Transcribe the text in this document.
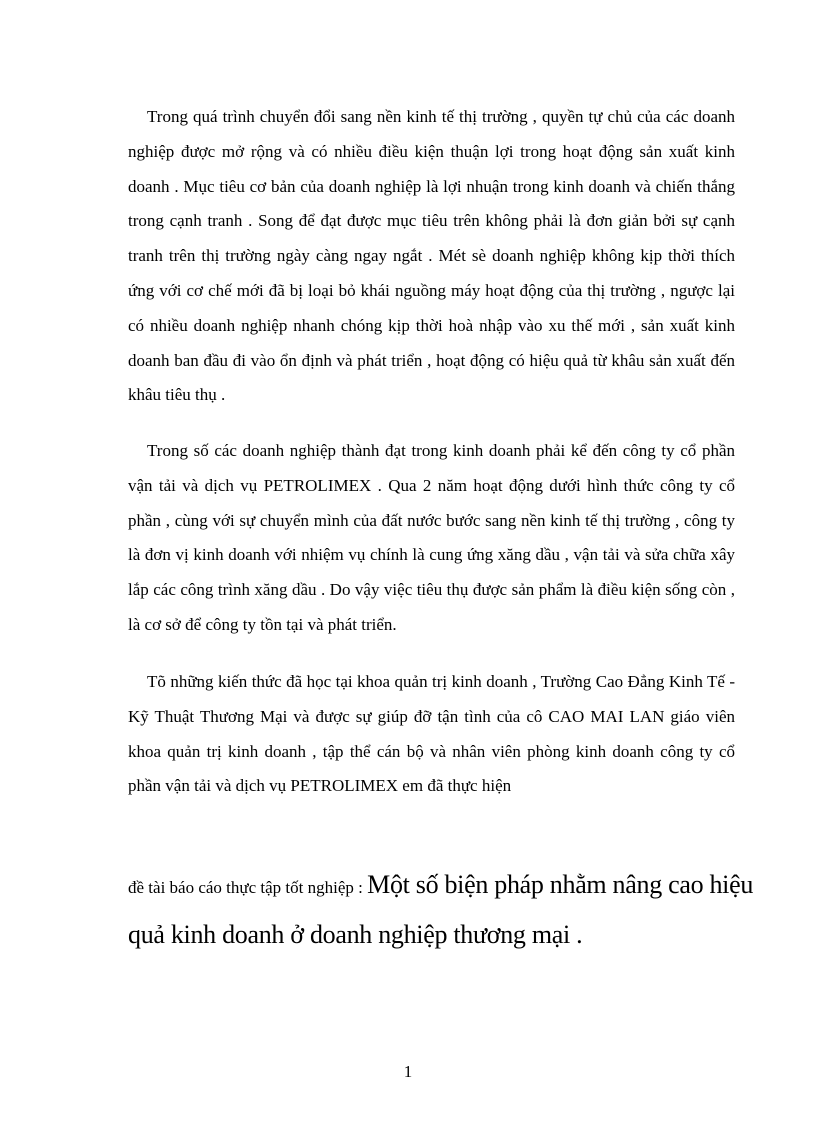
Trong quá trình chuyển đổi sang nền kinh tế thị trường , quyền tự chủ của các doanh nghiệp được mở rộng và có nhiều điều kiện thuận lợi trong hoạt động sản xuất kinh doanh . Mục tiêu cơ bản của doanh nghiệp là lợi nhuận trong kinh doanh và chiến thắng trong cạnh tranh . Song để đạt được mục tiêu trên không phải là đơn giản bởi sự cạnh tranh trên thị trường ngày càng ngay ngắt . Mét sè doanh nghiệp không kịp thời thích ứng với cơ chế mới đã bị loại bỏ khái nguồng máy hoạt động của thị trường , ngược lại có nhiều doanh nghiệp nhanh chóng kịp thời hoà nhập vào xu thế mới , sản xuất kinh doanh ban đầu đi vào ổn định và phát triển , hoạt động có hiệu quả từ khâu sản xuất đến khâu tiêu thụ .

Trong số các doanh nghiệp thành đạt trong kinh doanh phải kể đến công ty cổ phần vận tải và dịch vụ PETROLIMEX . Qua 2 năm hoạt động dưới hình thức công ty cổ phần , cùng với sự chuyển mình của đất nước bước sang nền kinh tế thị trường , công ty là đơn vị kinh doanh với nhiệm vụ chính là cung ứng xăng dầu , vận tải và sửa chữa xây lắp các công trình xăng dầu . Do vậy việc tiêu thụ được sản phẩm là điều kiện sống còn , là cơ sở để công ty tồn tại và phát triển.

Tõ những kiến thức đã học tại khoa quản trị kinh doanh , Trường Cao Đẳng Kinh Tế - Kỹ Thuật Thương Mại và được sự giúp đỡ tận tình của cô CAO MAI LAN giáo viên khoa quản trị kinh doanh , tập thể cán bộ và nhân viên phòng kinh doanh công ty cổ phần vận tải và dịch vụ PETROLIMEX em đã thực hiện

đề tài báo cáo thực tập tốt nghiệp : Một số biện pháp nhằm nâng cao hiệu quả kinh doanh ở doanh nghiệp thương mại .

1
